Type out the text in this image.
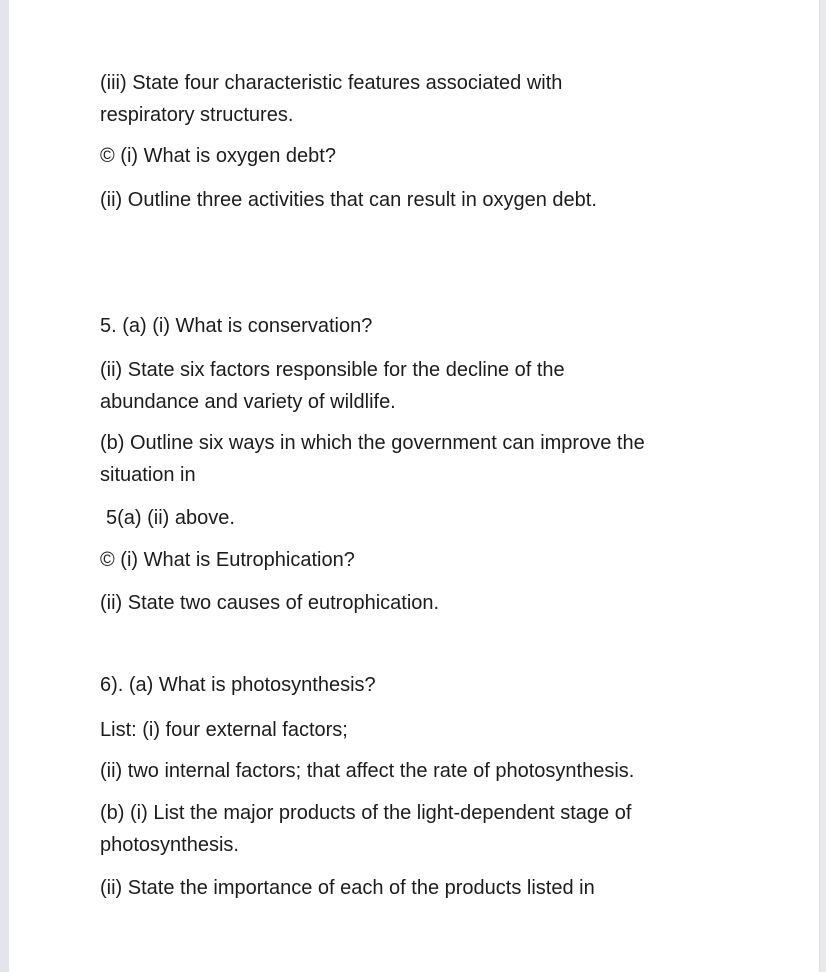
(iii) State four characteristic features associated with
respiratory structures.

© (i) What is oxygen debt?

(ii) Outline three activities that can result in oxygen debt.

5. (a) (i) What is conservation?

(ii) State six factors responsible for the decline of the
abundance and variety of wildlife.

(b) Outline six ways in which the government can improve the
situation in

5(a) (ii) above.

© (i) What is Eutrophication?

(ii) State two causes of eutrophication.

6). (a) What is photosynthesis?

List: (i) four external factors;

(ii) two internal factors; that affect the rate of photosynthesis.

(b) (i) List the major products of the light-dependent stage of
photosynthesis.

(ii) State the importance of each of the products listed in
